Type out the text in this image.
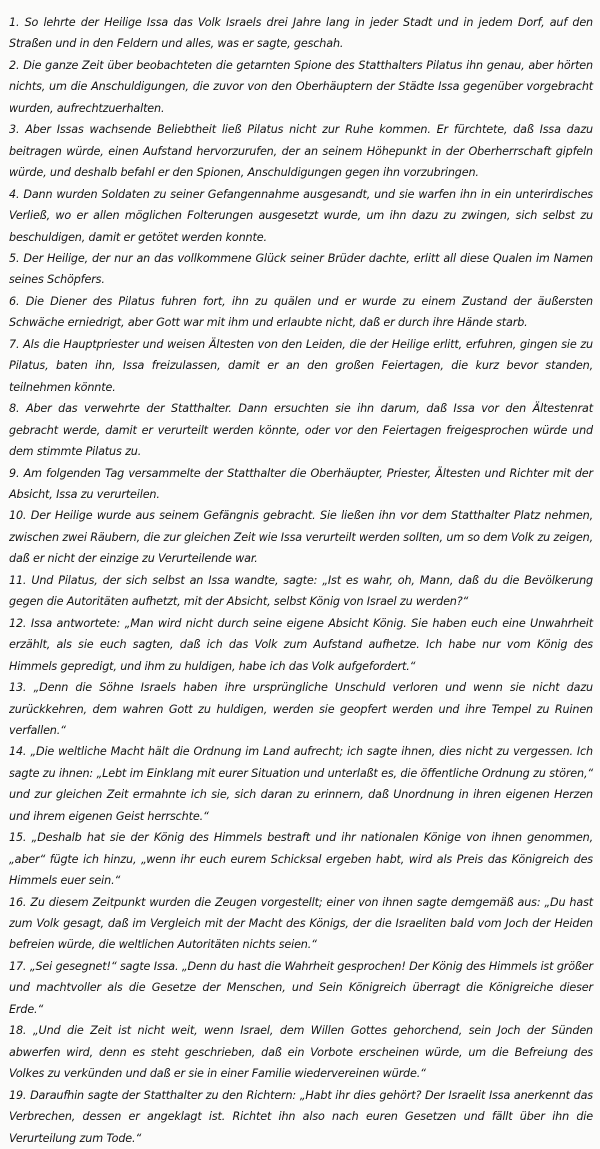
1. So lehrte der Heilige Issa das Volk Israels drei Jahre lang in jeder Stadt und in jedem Dorf, auf den Straßen und in den Feldern und alles, was er sagte, geschah.

2. Die ganze Zeit über beobachteten die getarnten Spione des Statthalters Pilatus ihn genau, aber hörten nichts, um die Anschuldigungen, die zuvor von den Oberhäuptern der Städte Issa gegenüber vorgebracht wurden, aufrechtzuerhalten.

3. Aber Issas wachsende Beliebtheit ließ Pilatus nicht zur Ruhe kommen. Er fürchtete, daß Issa dazu beitragen würde, einen Aufstand hervorzurufen, der an seinem Höhepunkt in der Oberherrschaft gipfeln würde, und deshalb befahl er den Spionen, Anschuldigungen gegen ihn vorzubringen.

4. Dann wurden Soldaten zu seiner Gefangennahme ausgesandt, und sie warfen ihn in ein unterirdisches Verließ, wo er allen möglichen Folterungen ausgesetzt wurde, um ihn dazu zu zwingen, sich selbst zu beschuldigen, damit er getötet werden konnte.

5. Der Heilige, der nur an das vollkommene Glück seiner Brüder dachte, erlitt all diese Qualen im Namen seines Schöpfers.

6. Die Diener des Pilatus fuhren fort, ihn zu quälen und er wurde zu einem Zustand der äußersten Schwäche erniedrigt, aber Gott war mit ihm und erlaubte nicht, daß er durch ihre Hände starb.

7. Als die Hauptpriester und weisen Ältesten von den Leiden, die der Heilige erlitt, erfuhren, gingen sie zu Pilatus, baten ihn, Issa freizulassen, damit er an den großen Feiertagen, die kurz bevor standen, teilnehmen könnte.

8. Aber das verwehrte der Statthalter. Dann ersuchten sie ihn darum, daß Issa vor den Ältestenrat gebracht werde, damit er verurteilt werden könnte, oder vor den Feiertagen freigesprochen würde und dem stimmte Pilatus zu.

9. Am folgenden Tag versammelte der Statthalter die Oberhäupter, Priester, Ältesten und Richter mit der Absicht, Issa zu verurteilen.

10. Der Heilige wurde aus seinem Gefängnis gebracht. Sie ließen ihn vor dem Statthalter Platz nehmen, zwischen zwei Räubern, die zur gleichen Zeit wie Issa verurteilt werden sollten, um so dem Volk zu zeigen, daß er nicht der einzige zu Verurteilende war.

11. Und Pilatus, der sich selbst an Issa wandte, sagte: „Ist es wahr, oh, Mann, daß du die Bevölkerung gegen die Autoritäten aufhetzt, mit der Absicht, selbst König von Israel zu werden?“

12. Issa antwortete: „Man wird nicht durch seine eigene Absicht König. Sie haben euch eine Unwahrheit erzählt, als sie euch sagten, daß ich das Volk zum Aufstand aufhetze. Ich habe nur vom König des Himmels gepredigt, und ihm zu huldigen, habe ich das Volk aufgefordert.“

13. „Denn die Söhne Israels haben ihre ursprüngliche Unschuld verloren und wenn sie nicht dazu zurückkehren, dem wahren Gott zu huldigen, werden sie geopfert werden und ihre Tempel zu Ruinen verfallen.“

14. „Die weltliche Macht hält die Ordnung im Land aufrecht; ich sagte ihnen, dies nicht zu vergessen. Ich sagte zu ihnen: „Lebt im Einklang mit eurer Situation und unterlaßt es, die öffentliche Ordnung zu stören,“ und zur gleichen Zeit ermahnte ich sie, sich daran zu erinnern, daß Unordnung in ihren eigenen Herzen und ihrem eigenen Geist herrschte.“

15. „Deshalb hat sie der König des Himmels bestraft und ihr nationalen Könige von ihnen genommen, „aber“ fügte ich hinzu, „wenn ihr euch eurem Schicksal ergeben habt, wird als Preis das Königreich des Himmels euer sein.“

16. Zu diesem Zeitpunkt wurden die Zeugen vorgestellt; einer von ihnen sagte demgemäß aus: „Du hast zum Volk gesagt, daß im Vergleich mit der Macht des Königs, der die Israeliten bald vom Joch der Heiden befreien würde, die weltlichen Autoritäten nichts seien.“

17. „Sei gesegnet!“ sagte Issa. „Denn du hast die Wahrheit gesprochen! Der König des Himmels ist größer und machtvoller als die Gesetze der Menschen, und Sein Königreich überragt die Königreiche dieser Erde.“

18. „Und die Zeit ist nicht weit, wenn Israel, dem Willen Gottes gehorchend, sein Joch der Sünden abwerfen wird, denn es steht geschrieben, daß ein Vorbote erscheinen würde, um die Befreiung des Volkes zu verkünden und daß er sie in einer Familie wiedervereinen würde.“

19. Daraufhin sagte der Statthalter zu den Richtern: „Habt ihr dies gehört? Der Israelit Issa anerkennt das Verbrechen, dessen er angeklagt ist. Richtet ihn also nach euren Gesetzen und fällt über ihn die Verurteilung zum Tode.“
